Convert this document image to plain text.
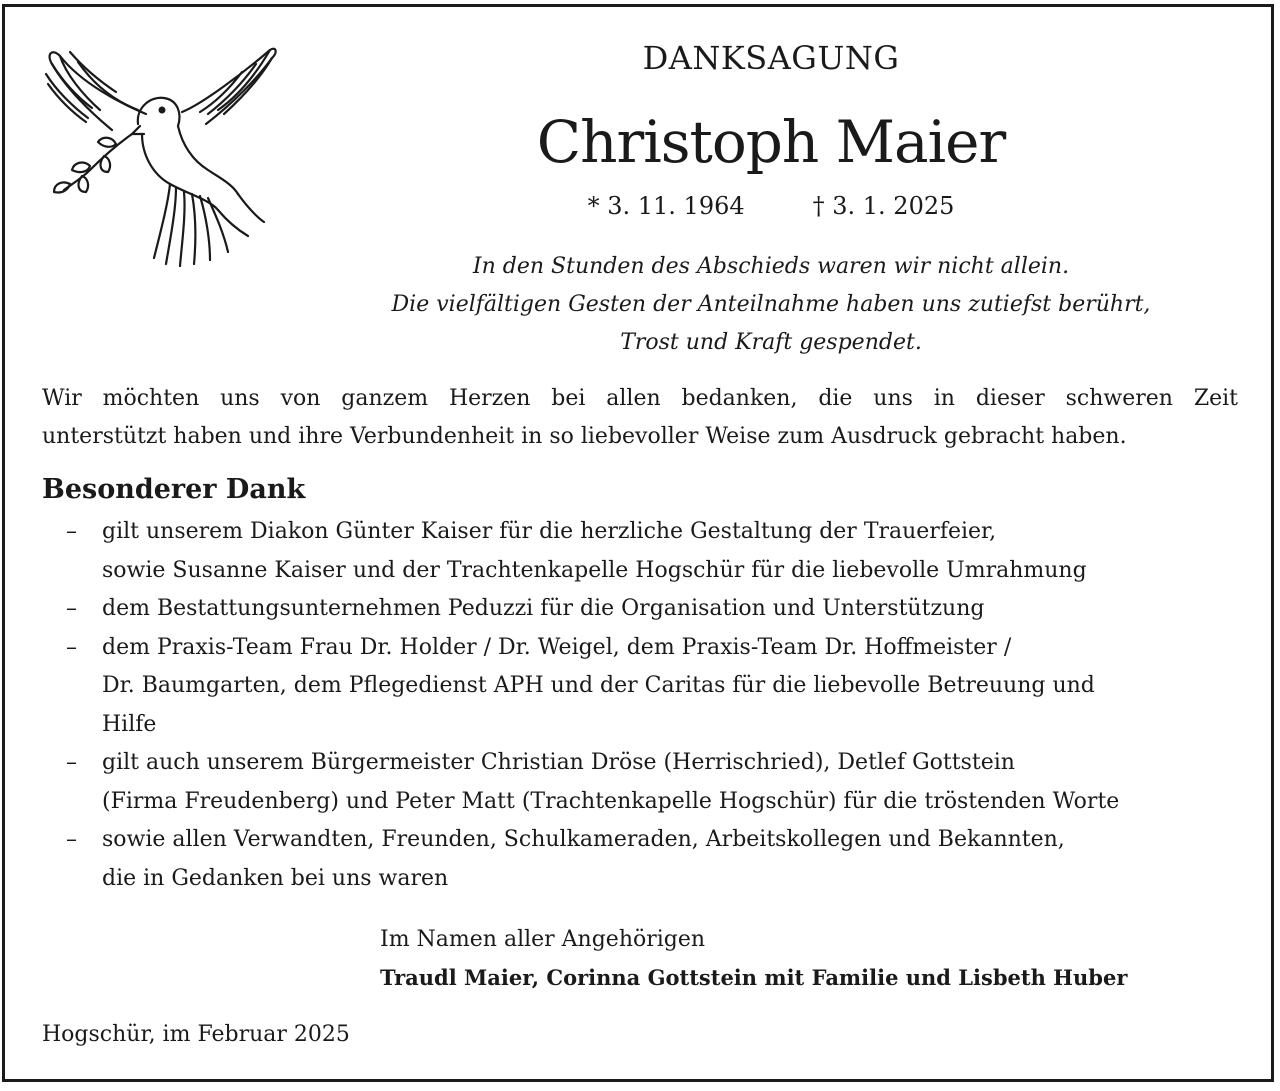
DANKSAGUNG
Christoph Maier
* 3. 11. 1964	† 3. 1. 2025
In den Stunden des Abschieds waren wir nicht allein.
Die vielfältigen Gesten der Anteilnahme haben uns zutiefst berührt,
Trost und Kraft gespendet.
Wir möchten uns von ganzem Herzen bei allen bedanken, die uns in dieser schweren Zeit
unterstützt haben und ihre Verbundenheit in so liebevoller Weise zum Ausdruck gebracht haben.
Besonderer Dank
– gilt unserem Diakon Günter Kaiser für die herzliche Gestaltung der Trauerfeier,
sowie Susanne Kaiser und der Trachtenkapelle Hogschür für die liebevolle Umrahmung
– dem Bestattungsunternehmen Peduzzi für die Organisation und Unterstützung
– dem Praxis-Team Frau Dr. Holder / Dr. Weigel, dem Praxis-Team Dr. Hoffmeister /
Dr. Baumgarten, dem Pflegedienst APH und der Caritas für die liebevolle Betreuung und
Hilfe
– gilt auch unserem Bürgermeister Christian Dröse (Herrischried), Detlef Gottstein
(Firma Freudenberg) und Peter Matt (Trachtenkapelle Hogschür) für die tröstenden Worte
– sowie allen Verwandten, Freunden, Schulkameraden, Arbeitskollegen und Bekannten,
die in Gedanken bei uns waren
Im Namen aller Angehörigen
Traudl Maier, Corinna Gottstein mit Familie und Lisbeth Huber
Hogschür, im Februar 2025
